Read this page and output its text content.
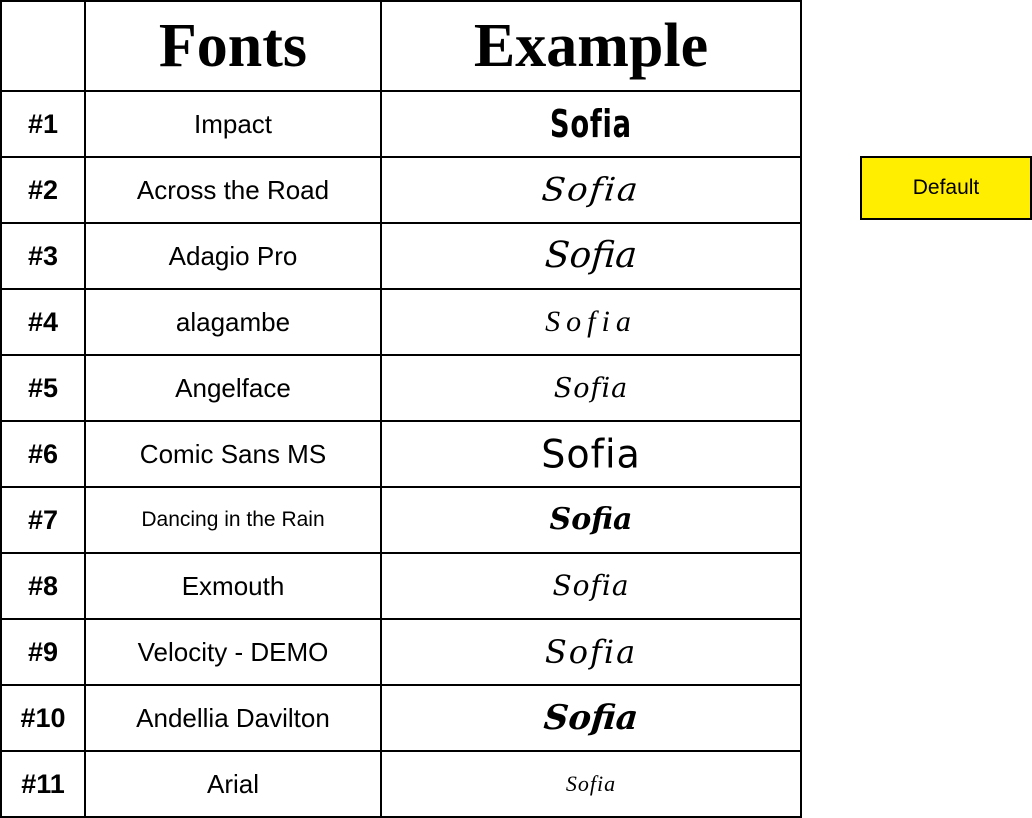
	Fonts	Example
#1	Impact	Sofia
#2	Across the Road	Sofia Default

#3	Adagio Pro	Sofia
#4	alagambe	Sofia
#5	Angelface	Sofia
#6	Comic Sans MS	Sofia
#7	Dancing in the Rain	Sofia
#8	Exmouth	Sofia
#9	Velocity - DEMO	Sofia
#10	Andellia Davilton	Sofia
#11	Arial	Sofia
